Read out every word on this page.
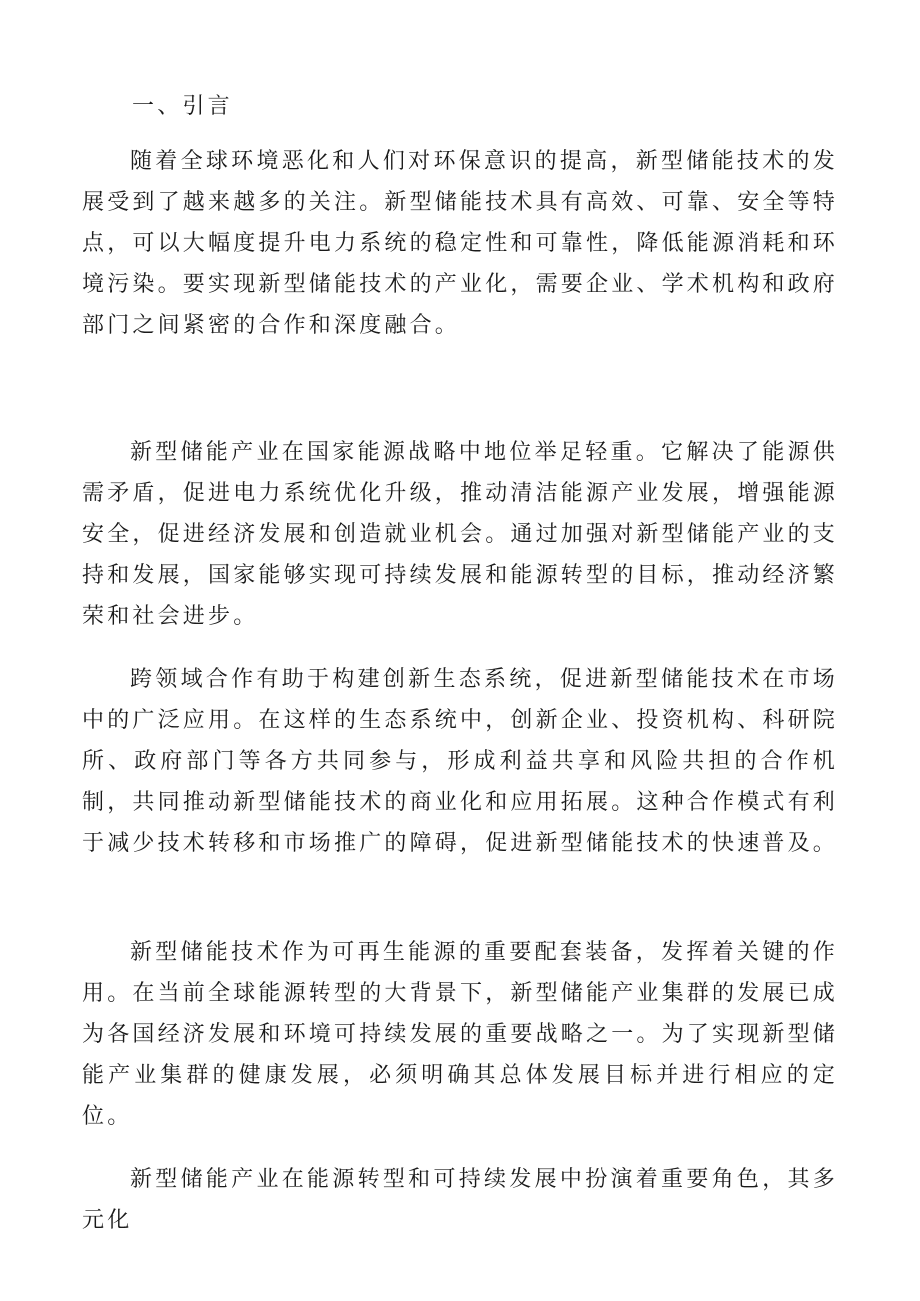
一、引言

随着全球环境恶化和人们对环保意识的提高，新型储能技术的发展受到了越来越多的关注。新型储能技术具有高效、可靠、安全等特点，可以大幅度提升电力系统的稳定性和可靠性，降低能源消耗和环境污染。要实现新型储能技术的产业化，需要企业、学术机构和政府部门之间紧密的合作和深度融合。

新型储能产业在国家能源战略中地位举足轻重。它解决了能源供需矛盾，促进电力系统优化升级，推动清洁能源产业发展，增强能源安全，促进经济发展和创造就业机会。通过加强对新型储能产业的支持和发展，国家能够实现可持续发展和能源转型的目标，推动经济繁荣和社会进步。

跨领域合作有助于构建创新生态系统，促进新型储能技术在市场中的广泛应用。在这样的生态系统中，创新企业、投资机构、科研院所、政府部门等各方共同参与，形成利益共享和风险共担的合作机制，共同推动新型储能技术的商业化和应用拓展。这种合作模式有利于减少技术转移和市场推广的障碍，促进新型储能技术的快速普及。

新型储能技术作为可再生能源的重要配套装备，发挥着关键的作用。在当前全球能源转型的大背景下，新型储能产业集群的发展已成为各国经济发展和环境可持续发展的重要战略之一。为了实现新型储能产业集群的健康发展，必须明确其总体发展目标并进行相应的定位。

新型储能产业在能源转型和可持续发展中扮演着重要角色，其多元化
